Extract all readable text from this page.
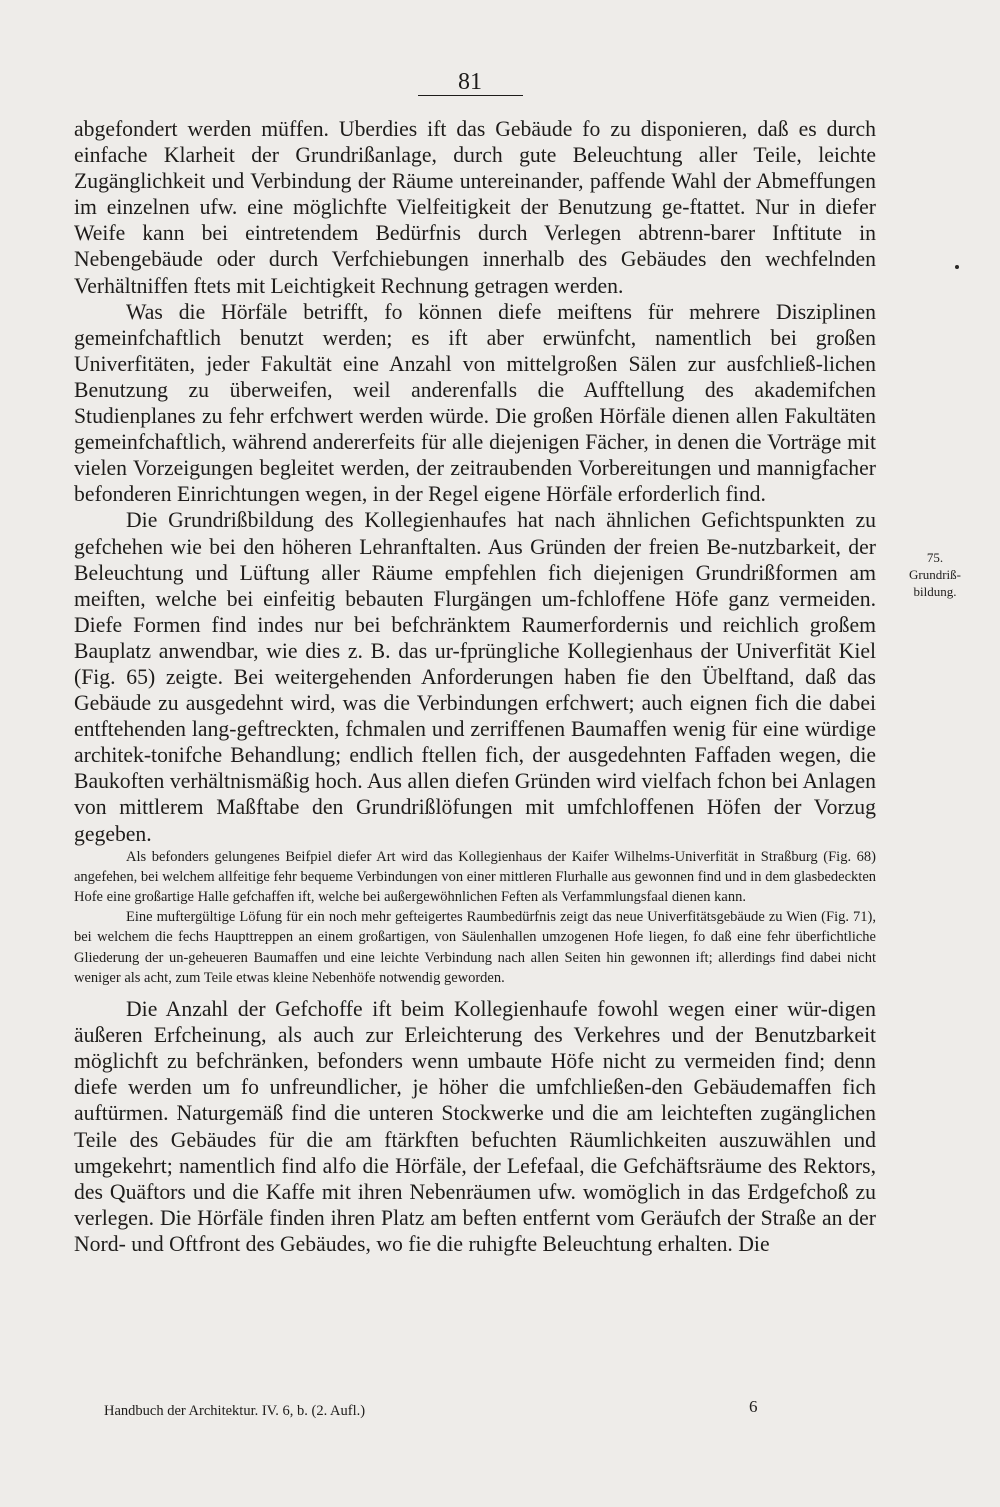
81

abgefondert werden müffen. Uberdies ift das Gebäude fo zu disponieren, daß es durch einfache Klarheit der Grundrißanlage, durch gute Beleuchtung aller Teile, leichte Zugänglichkeit und Verbindung der Räume untereinander, paffende Wahl der Abmeffungen im einzelnen ufw. eine möglichfte Vielfeitigkeit der Benutzung ge-ftattet. Nur in diefer Weife kann bei eintretendem Bedürfnis durch Verlegen abtrenn-barer Inftitute in Nebengebäude oder durch Verfchiebungen innerhalb des Gebäudes den wechfelnden Verhältniffen ftets mit Leichtigkeit Rechnung getragen werden.

Was die Hörfäle betrifft, fo können diefe meiftens für mehrere Disziplinen gemeinfchaftlich benutzt werden; es ift aber erwünfcht, namentlich bei großen Univerfitäten, jeder Fakultät eine Anzahl von mittelgroßen Sälen zur ausfchließ-lichen Benutzung zu überweifen, weil anderenfalls die Aufftellung des akademifchen Studienplanes zu fehr erfchwert werden würde. Die großen Hörfäle dienen allen Fakultäten gemeinfchaftlich, während andererfeits für alle diejenigen Fächer, in denen die Vorträge mit vielen Vorzeigungen begleitet werden, der zeitraubenden Vorbereitungen und mannigfacher befonderen Einrichtungen wegen, in der Regel eigene Hörfäle erforderlich find.

Die Grundrißbildung des Kollegienhaufes hat nach ähnlichen Gefichtspunkten zu gefchehen wie bei den höheren Lehranftalten. Aus Gründen der freien Be-nutzbarkeit, der Beleuchtung und Lüftung aller Räume empfehlen fich diejenigen Grundrißformen am meiften, welche bei einfeitig bebauten Flurgängen um-fchloffene Höfe ganz vermeiden. Diefe Formen find indes nur bei befchränktem Raumerfordernis und reichlich großem Bauplatz anwendbar, wie dies z. B. das ur-fprüngliche Kollegienhaus der Univerfität Kiel (Fig. 65) zeigte. Bei weitergehenden Anforderungen haben fie den Übelftand, daß das Gebäude zu ausgedehnt wird, was die Verbindungen erfchwert; auch eignen fich die dabei entftehenden lang-geftreckten, fchmalen und zerriffenen Baumaffen wenig für eine würdige architek-tonifche Behandlung; endlich ftellen fich, der ausgedehnten Faffaden wegen, die Baukoften verhältnismäßig hoch. Aus allen diefen Gründen wird vielfach fchon bei Anlagen von mittlerem Maßftabe den Grundrißlöfungen mit umfchloffenen Höfen der Vorzug gegeben.

Als befonders gelungenes Beifpiel diefer Art wird das Kollegienhaus der Kaifer Wilhelms-Univerfität in Straßburg (Fig. 68) angefehen, bei welchem allfeitige fehr bequeme Verbindungen von einer mittleren Flurhalle aus gewonnen find und in dem glasbedeckten Hofe eine großartige Halle gefchaffen ift, welche bei außergewöhnlichen Feften als Verfammlungsfaal dienen kann.

Eine muftergültige Löfung für ein noch mehr gefteigertes Raumbedürfnis zeigt das neue Univerfitätsgebäude zu Wien (Fig. 71), bei welchem die fechs Haupttreppen an einem großartigen, von Säulenhallen umzogenen Hofe liegen, fo daß eine fehr überfichtliche Gliederung der un-geheueren Baumaffen und eine leichte Verbindung nach allen Seiten hin gewonnen ift; allerdings find dabei nicht weniger als acht, zum Teile etwas kleine Nebenhöfe notwendig geworden.

Die Anzahl der Gefchoffe ift beim Kollegienhaufe fowohl wegen einer wür-digen äußeren Erfcheinung, als auch zur Erleichterung des Verkehres und der Benutzbarkeit möglichft zu befchränken, befonders wenn umbaute Höfe nicht zu vermeiden find; denn diefe werden um fo unfreundlicher, je höher die umfchließen-den Gebäudemaffen fich auftürmen. Naturgemäß find die unteren Stockwerke und die am leichteften zugänglichen Teile des Gebäudes für die am ftärkften befuchten Räumlichkeiten auszuwählen und umgekehrt; namentlich find alfo die Hörfäle, der Lefefaal, die Gefchäftsräume des Rektors, des Quäftors und die Kaffe mit ihren Nebenräumen ufw. womöglich in das Erdgefchoß zu verlegen. Die Hörfäle finden ihren Platz am beften entfernt vom Geräufch der Straße an der Nord- und Oftfront des Gebäudes, wo fie die ruhigfte Beleuchtung erhalten. Die

75.
Grundriß-
bildung.
Handbuch der Architektur. IV. 6, b. (2. Aufl.)	6
